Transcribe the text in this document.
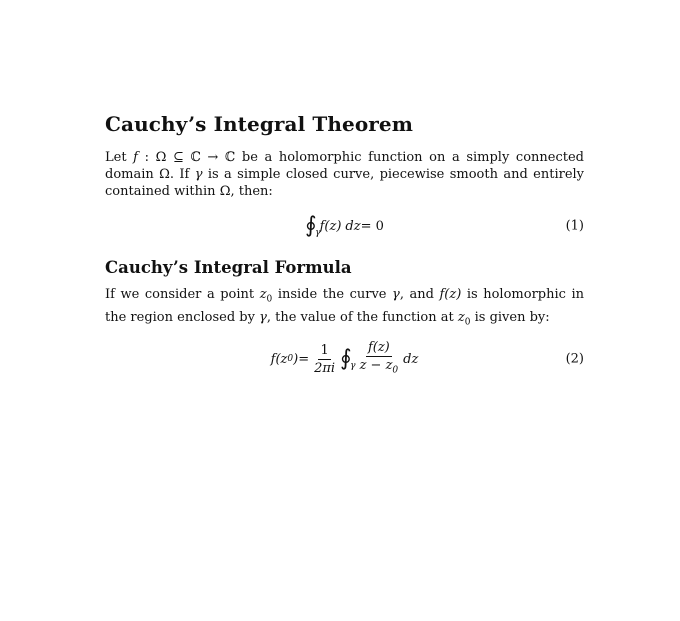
Cauchy’s Integral Theorem

Let f : Ω ⊆ ℂ → ℂ be a holomorphic function on a simply connected domain Ω. If γ is a simple closed curve, piecewise smooth and entirely contained within Ω, then:

∮
γ f(z) dz = 0	(1)
Cauchy’s Integral Formula

If we consider a point $z_0$ inside the curve γ, and f(z) is holomorphic in the region enclosed by γ, the value of the function at $z_0$ is given by:

f(z 0 ) = $\frac{1}{2\pi i}$ ∮
γ $\frac{f(z)}{z - z_0}$ dz	(2)
